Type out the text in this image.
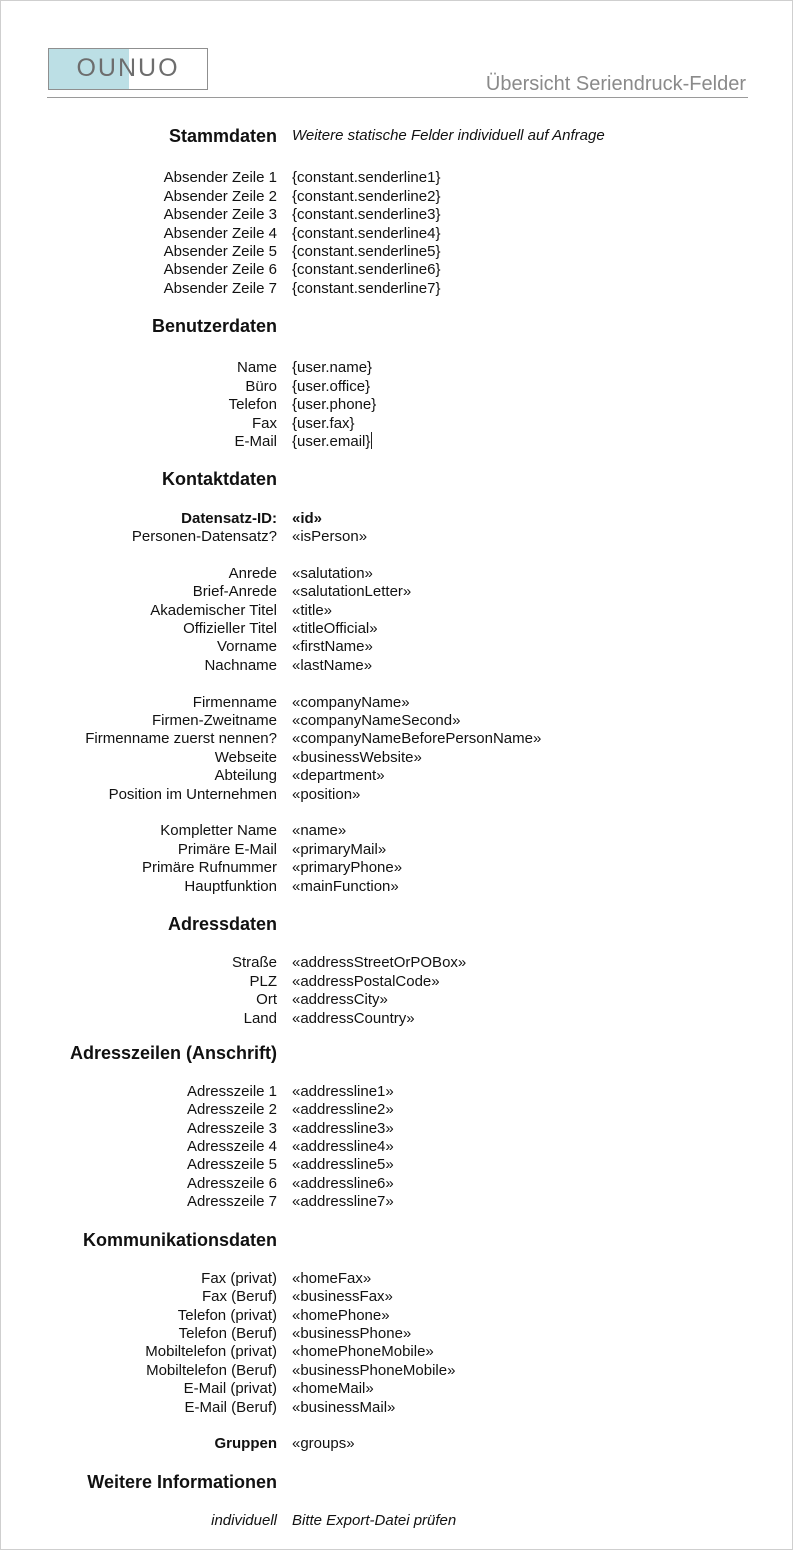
OUNUO
Übersicht Seriendruck-Felder
Stammdaten Weitere statische Felder individuell auf Anfrage
Absender Zeile 1 {constant.senderline1}
Absender Zeile 2 {constant.senderline2}
Absender Zeile 3 {constant.senderline3}
Absender Zeile 4 {constant.senderline4}
Absender Zeile 5 {constant.senderline5}
Absender Zeile 6 {constant.senderline6}
Absender Zeile 7 {constant.senderline7}
Benutzerdaten
Name {user.name}
Büro {user.office}
Telefon {user.phone}
Fax {user.fax}
E-Mail {user.email}
Kontaktdaten
Datensatz-ID: «id»
Personen-Datensatz? «isPerson»
Anrede «salutation»
Brief-Anrede «salutationLetter»
Akademischer Titel «title»
Offizieller Titel «titleOfficial»
Vorname «firstName»
Nachname «lastName»
Firmenname «companyName»
Firmen-Zweitname «companyNameSecond»
Firmenname zuerst nennen? «companyNameBeforePersonName»
Webseite «businessWebsite»
Abteilung «department»
Position im Unternehmen «position»
Kompletter Name «name»
Primäre E-Mail «primaryMail»
Primäre Rufnummer «primaryPhone»
Hauptfunktion «mainFunction»
Adressdaten
Straße «addressStreetOrPOBox»
PLZ «addressPostalCode»
Ort «addressCity»
Land «addressCountry»
Adresszeilen (Anschrift)
Adresszeile 1 «addressline1»
Adresszeile 2 «addressline2»
Adresszeile 3 «addressline3»
Adresszeile 4 «addressline4»
Adresszeile 5 «addressline5»
Adresszeile 6 «addressline6»
Adresszeile 7 «addressline7»
Kommunikationsdaten
Fax (privat) «homeFax»
Fax (Beruf) «businessFax»
Telefon (privat) «homePhone»
Telefon (Beruf) «businessPhone»
Mobiltelefon (privat) «homePhoneMobile»
Mobiltelefon (Beruf) «businessPhoneMobile»
E-Mail (privat) «homeMail»
E-Mail (Beruf) «businessMail»
Gruppen «groups»
Weitere Informationen
individuell Bitte Export-Datei prüfen
